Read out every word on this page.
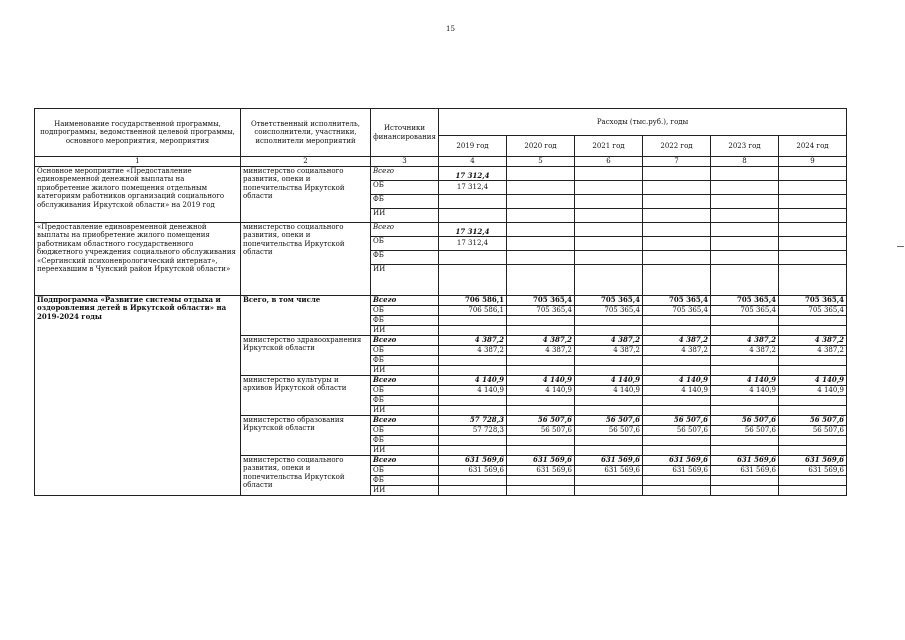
15
Наименование государственной программы, подпрограммы, ведомственной целевой программы, основного мероприятия, мероприятия	Ответственный исполнитель, соисполнители, участники, исполнители мероприятий	Источники финансирования	Расходы (тыс.руб.), годы					
			2019 год	2020 год	2021 год	2022 год	2023 год	2024 год
1	2	3	4	5	6	7	8	9
Основное мероприятие «Предоставление единовременной денежной выплаты на приобретение жилого помещения отдельным категориям работников организаций социального обслуживания Иркутской области» на 2019 год	министерство социального развития, опеки и попечительства Иркутской области	Всего	17 312,4					
		ОБ	17 312,4					
		ФБ						
		ИИ						
«Предоставление единовременной денежной выплаты на приобретение жилого помещения работникам областного государственного бюджетного учреждения социального обслуживания «Сергинский психоневрологический интернат», переехавшим в Чунский район Иркутской области»	министерство социального развития, опеки и попечительства Иркутской области	Всего	17 312,4					
		ОБ	17 312,4					
		ФБ						
		ИИ						
Подпрограмма «Развитие системы отдыха и оздоровления детей в Иркутской области» на 2019-2024 годы	Всего, в том числе	Всего	706 586,1	705 365,4	705 365,4	705 365,4	705 365,4	705 365,4
		ОБ	706 586,1	705 365,4	705 365,4	705 365,4	705 365,4	705 365,4
		ФБ						
		ИИ						
	министерство здравоохранения Иркутской области	Всего	4 387,2	4 387,2	4 387,2	4 387,2	4 387,2	4 387,2
		ОБ	4 387,2	4 387,2	4 387,2	4 387,2	4 387,2	4 387,2
		ФБ						
		ИИ						
	министерство культуры и архивов Иркутской области	Всего	4 140,9	4 140,9	4 140,9	4 140,9	4 140,9	4 140,9
		ОБ	4 140,9	4 140,9	4 140,9	4 140,9	4 140,9	4 140,9
		ФБ						
		ИИ						
	министерство образования Иркутской области	Всего	57 728,3	56 507,6	56 507,6	56 507,6	56 507,6	56 507,6
		ОБ	57 728,3	56 507,6	56 507,6	56 507,6	56 507,6	56 507,6
		ФБ						
		ИИ						
	министерство социального развития, опеки и попечительства Иркутской области	Всего	631 569,6	631 569,6	631 569,6	631 569,6	631 569,6	631 569,6
		ОБ	631 569,6	631 569,6	631 569,6	631 569,6	631 569,6	631 569,6
		ФБ						
		ИИ						
